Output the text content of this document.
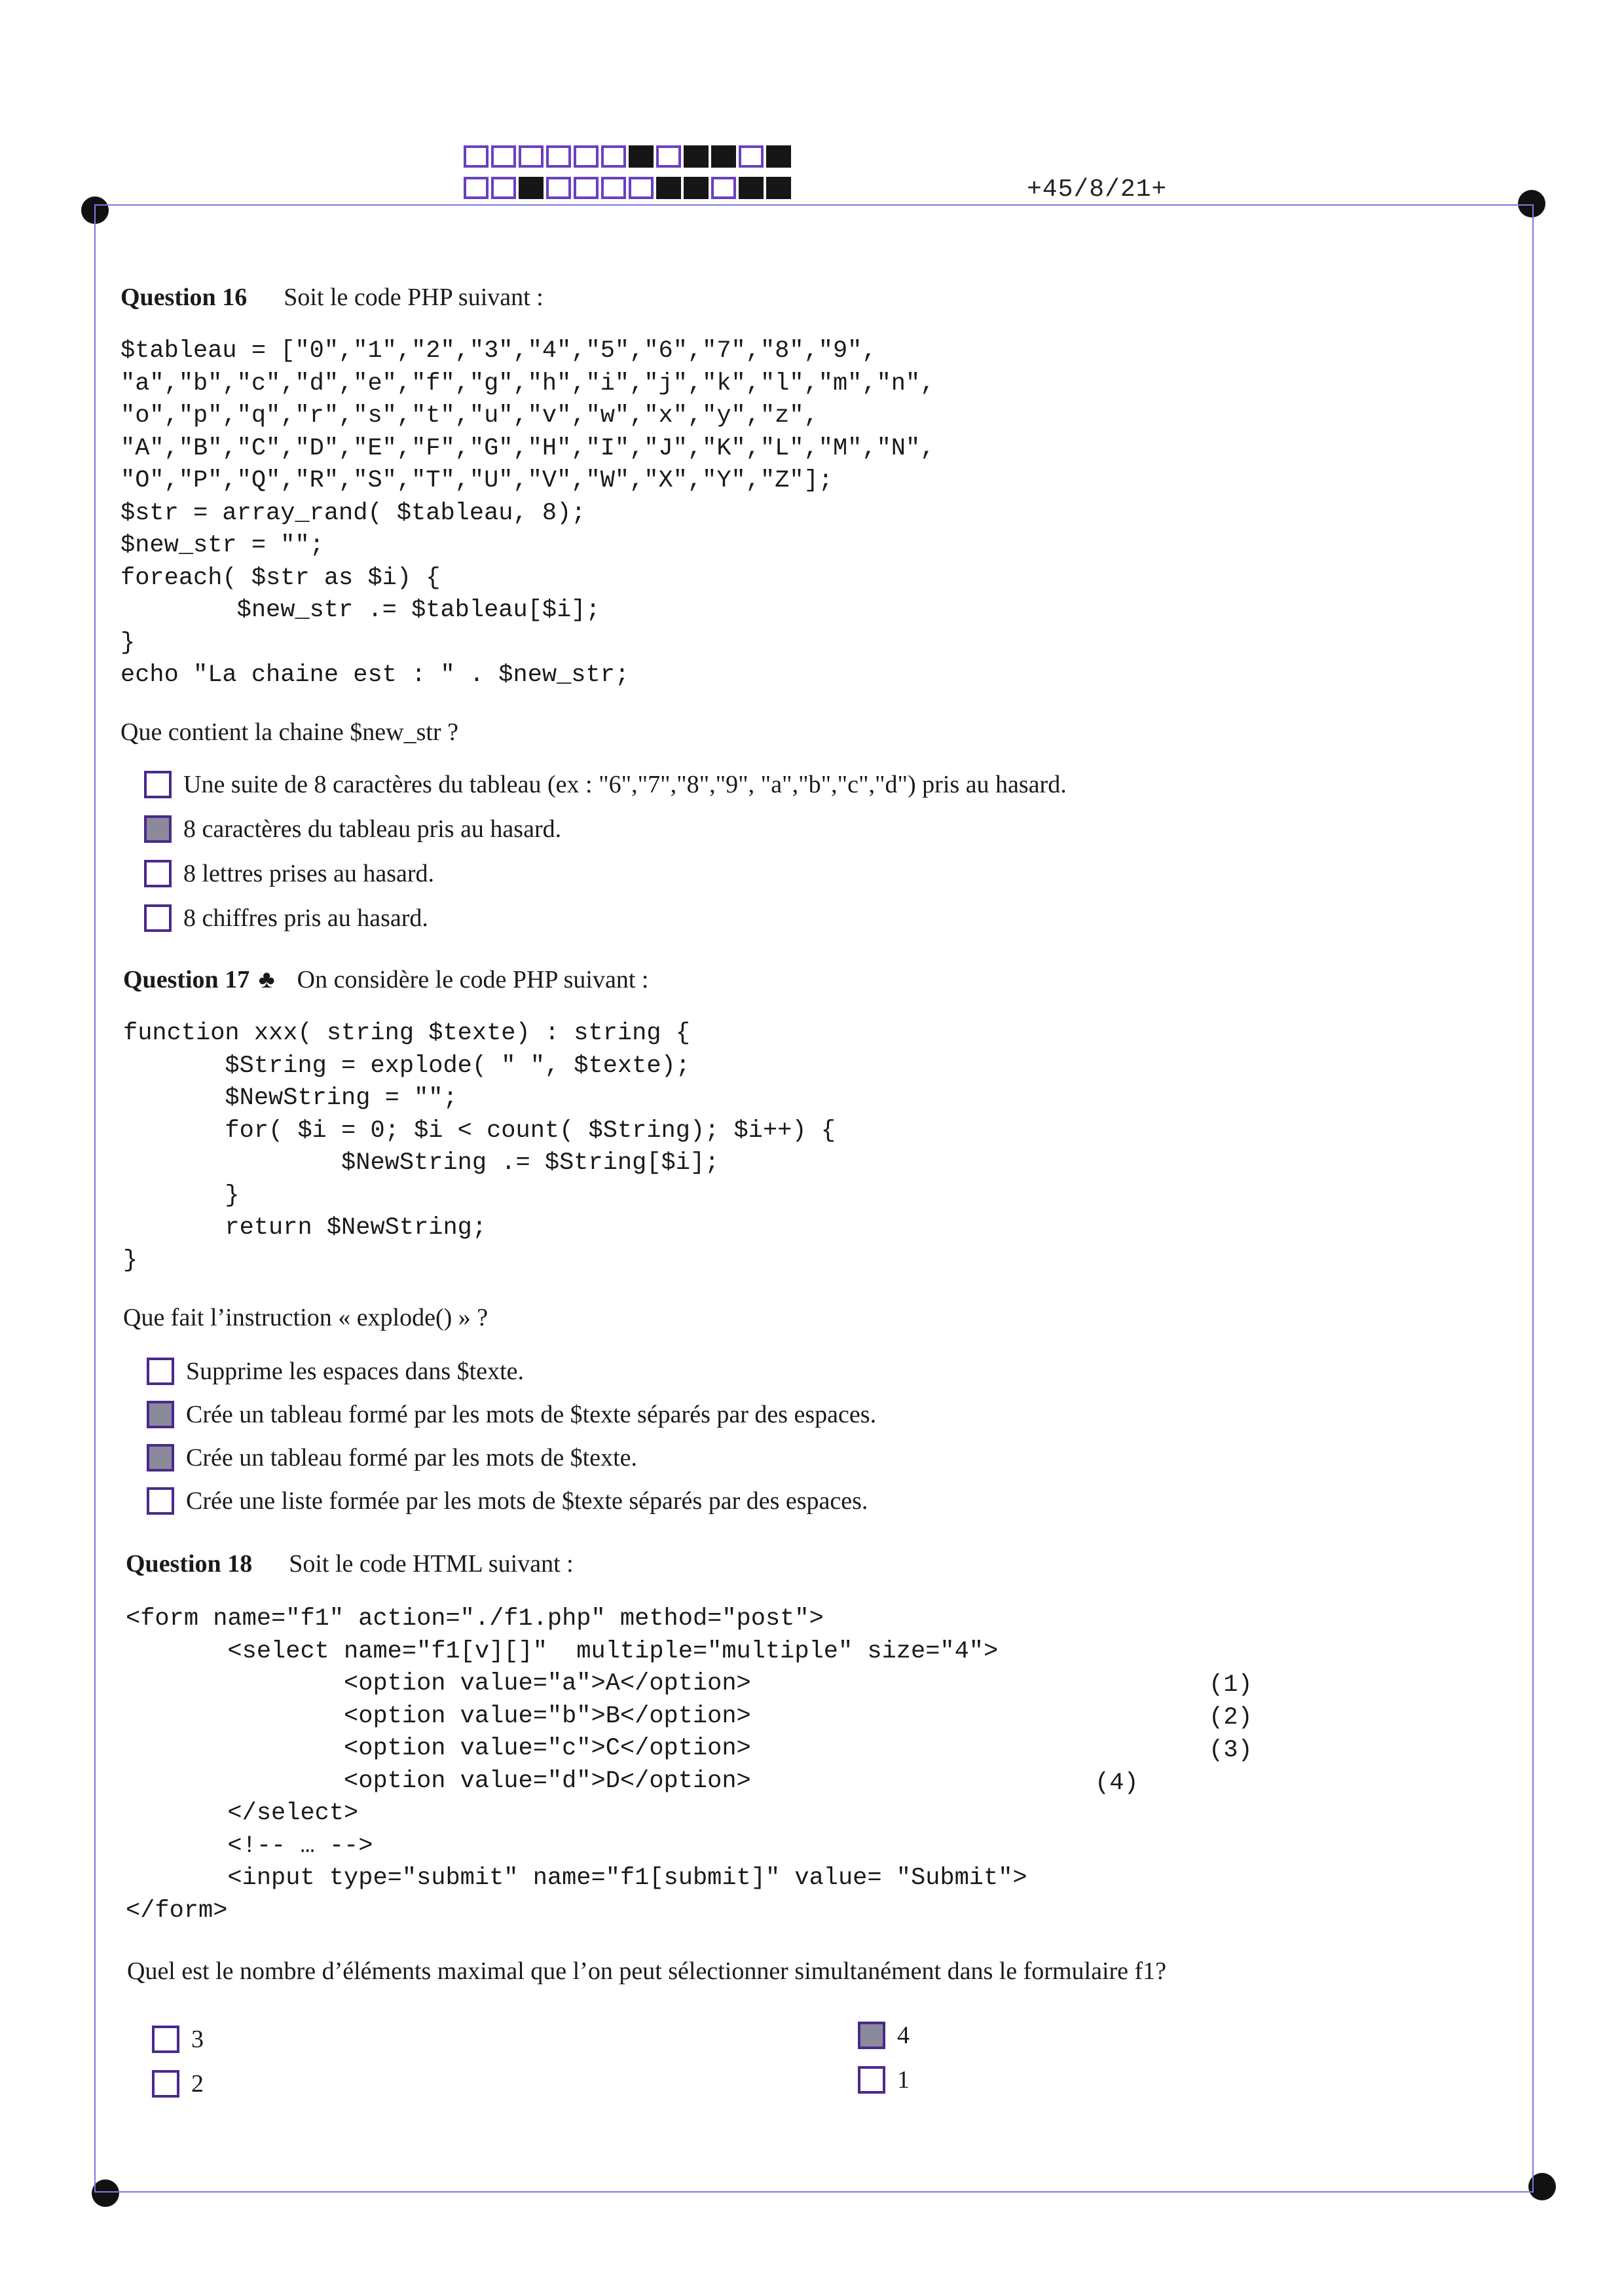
+45/8/21+
Question 16 Soit le code PHP suivant :
$tableau = ["0","1","2","3","4","5","6","7","8","9",
"a","b","c","d","e","f","g","h","i","j","k","l","m","n",
"o","p","q","r","s","t","u","v","w","x","y","z",
"A","B","C","D","E","F","G","H","I","J","K","L","M","N",
"O","P","Q","R","S","T","U","V","W","X","Y","Z"];
$str = array_rand( $tableau, 8);
$new_str = "";
foreach( $str as $i) {
$new_str .= $tableau[$i];
}
echo "La chaine est : " . $new_str;
Que contient la chaine $new_str ?
Une suite de 8 caractères du tableau (ex : "6","7","8","9", "a","b","c","d") pris au hasard.
8 caractères du tableau pris au hasard.
8 lettres prises au hasard.
8 chiffres pris au hasard.
Question 17 ♣ On considère le code PHP suivant :
function xxx( string $texte) : string {
$String = explode( " ", $texte);
$NewString = "";
for( $i = 0; $i < count( $String); $i++) {
$NewString .= $String[$i];
}
return $NewString;
}
Que fait l’instruction « explode() » ?
Supprime les espaces dans $texte.
Crée un tableau formé par les mots de $texte séparés par des espaces.
Crée un tableau formé par les mots de $texte.
Crée une liste formée par les mots de $texte séparés par des espaces.
Question 18 Soit le code HTML suivant :
<form name="f1" action="./f1.php" method="post">
<select name="f1[v][]"  multiple="multiple" size="4">
<option value="a">A</option>
<option value="b">B</option>
<option value="c">C</option>
<option value="d">D</option>
</select>
<!-- … -->
<input type="submit" name="f1[submit]" value= "Submit">
</form>
(1)
(2)
(3)
(4)
Quel est le nombre d’éléments maximal que l’on peut sélectionner simultanément dans le formulaire f1?
3
2
4
1
